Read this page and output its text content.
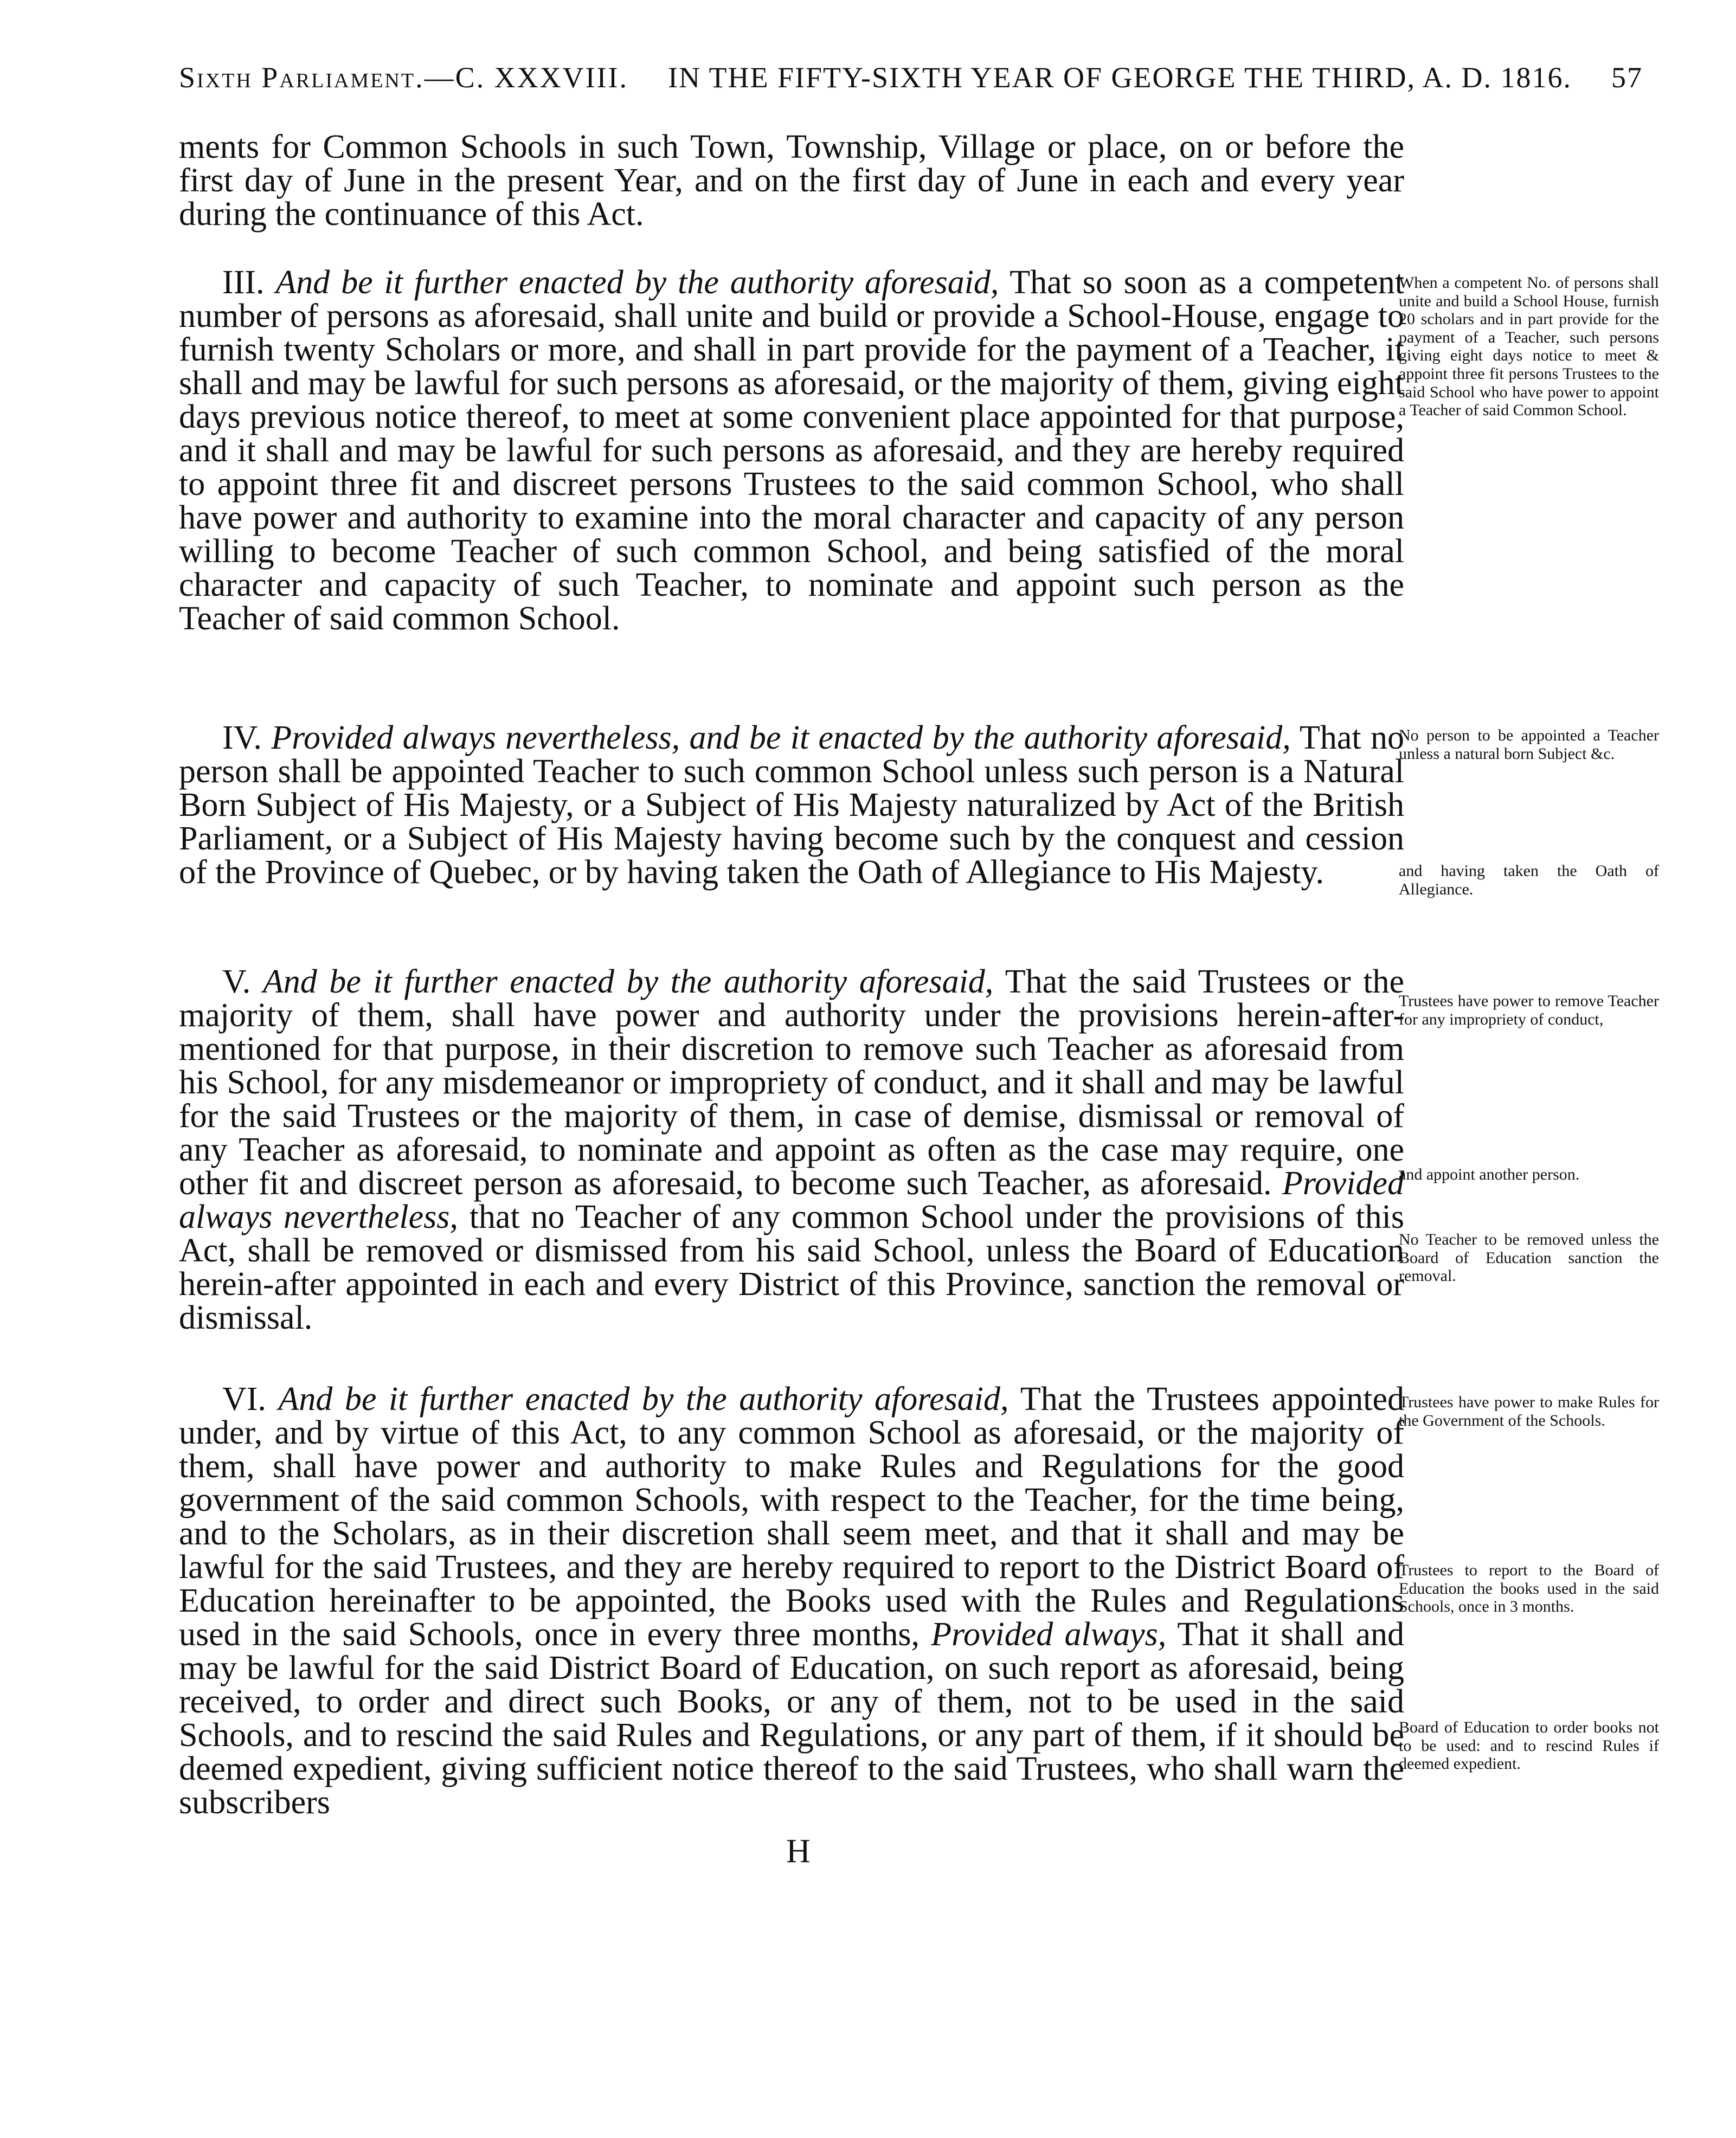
Sixth Parliament.—C. XXXVIII. IN THE FIFTY-SIXTH YEAR OF GEORGE THE THIRD, A. D. 1816. 57

ments for Common Schools in such Town, Township, Village or place, on or before the first day of June in the present Year, and on the first day of June in each and every year during the continuance of this Act.

III. And be it further enacted by the authority aforesaid, That so soon as a competent number of persons as aforesaid, shall unite and build or provide a School-House, engage to furnish twenty Scholars or more, and shall in part provide for the payment of a Teacher, it shall and may be lawful for such persons as aforesaid, or the majority of them, giving eight days previous notice thereof, to meet at some convenient place appointed for that purpose, and it shall and may be lawful for such persons as aforesaid, and they are hereby required to appoint three fit and discreet persons Trustees to the said common School, who shall have power and authority to examine into the moral character and capacity of any person willing to become Teacher of such common School, and being satisfied of the moral character and capacity of such Teacher, to nominate and appoint such person as the Teacher of said common School.

IV. Provided always nevertheless, and be it enacted by the authority aforesaid, That no person shall be appointed Teacher to such common School unless such person is a Natural Born Subject of His Majesty, or a Subject of His Majesty naturalized by Act of the British Parliament, or a Subject of His Majesty having become such by the conquest and cession of the Province of Quebec, or by having taken the Oath of Allegiance to His Majesty.

V. And be it further enacted by the authority aforesaid, That the said Trustees or the majority of them, shall have power and authority under the provisions herein-after-mentioned for that purpose, in their discretion to remove such Teacher as aforesaid from his School, for any misdemeanor or impropriety of conduct, and it shall and may be lawful for the said Trustees or the majority of them, in case of demise, dismissal or removal of any Teacher as aforesaid, to nominate and appoint as often as the case may require, one other fit and discreet person as aforesaid, to become such Teacher, as aforesaid. Provided always nevertheless, that no Teacher of any common School under the provisions of this Act, shall be removed or dismissed from his said School, unless the Board of Education herein-after appointed in each and every District of this Province, sanction the removal or dismissal.

VI. And be it further enacted by the authority aforesaid, That the Trustees appointed under, and by virtue of this Act, to any common School as aforesaid, or the majority of them, shall have power and authority to make Rules and Regulations for the good government of the said common Schools, with respect to the Teacher, for the time being, and to the Scholars, as in their discretion shall seem meet, and that it shall and may be lawful for the said Trustees, and they are hereby required to report to the District Board of Education hereinafter to be appointed, the Books used with the Rules and Regulations used in the said Schools, once in every three months, Provided always, That it shall and may be lawful for the said District Board of Education, on such report as aforesaid, being received, to order and direct such Books, or any of them, not to be used in the said Schools, and to rescind the said Rules and Regulations, or any part of them, if it should be deemed expedient, giving sufficient notice thereof to the said Trustees, who shall warn the subscribers

When a competent No. of persons shall unite and build a School House, furnish 20 scholars and in part provide for the payment of a Teacher, such persons giving eight days notice to meet & appoint three fit persons Trustees to the said School who have power to appoint a Teacher of said Common School.

No person to be appointed a Teacher unless a natural born Subject &c.

and having taken the Oath of Allegiance.

Trustees have power to remove Teacher for any impropriety of conduct,

and appoint another person.

No Teacher to be removed unless the Board of Education sanction the removal.

Trustees have power to make Rules for the Government of the Schools.

Trustees to report to the Board of Education the books used in the said Schools, once in 3 months.

Board of Education to order books not to be used: and to rescind Rules if deemed expedient.

H
